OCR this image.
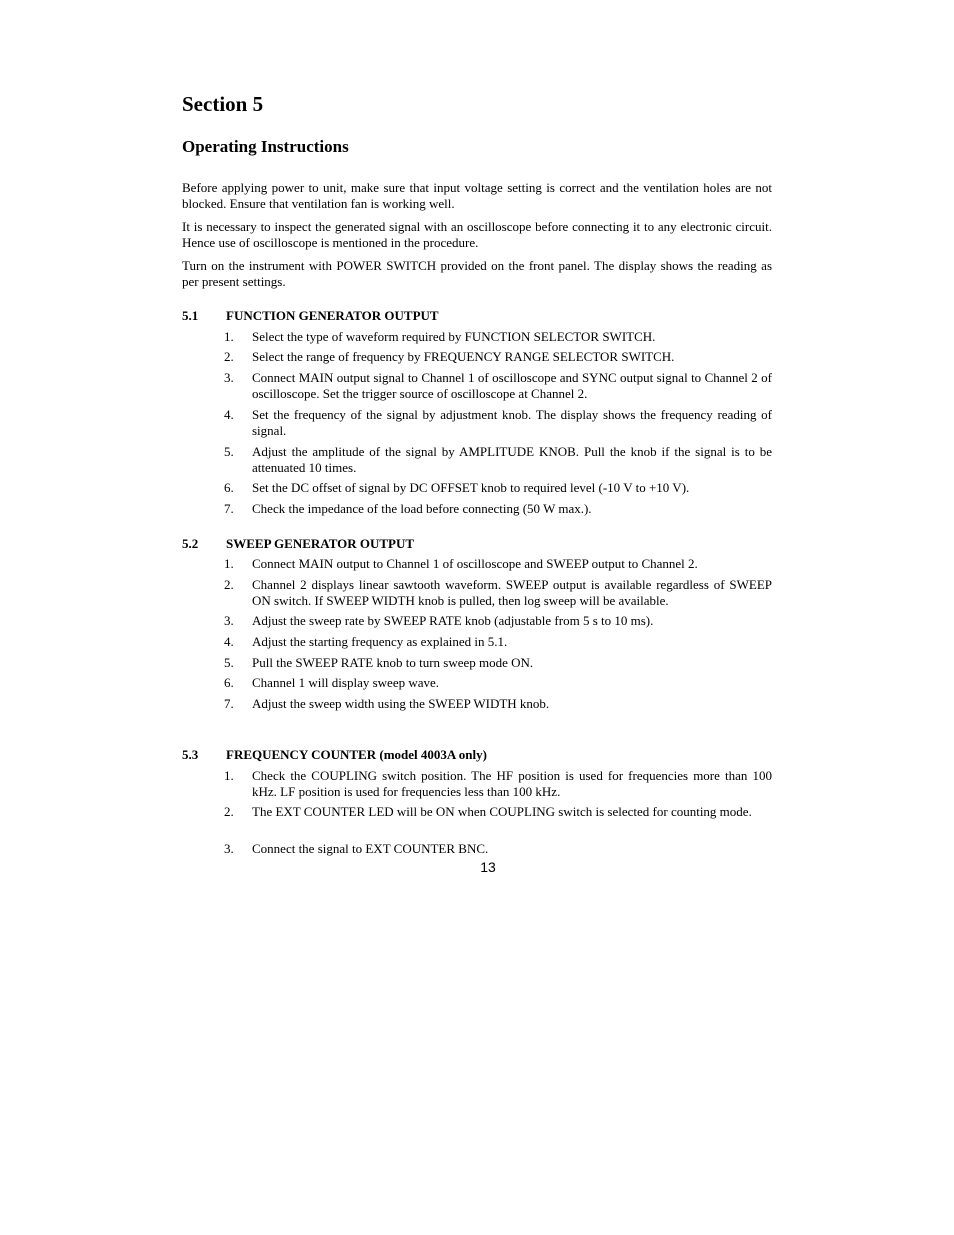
Section 5
Operating Instructions

Before applying power to unit, make sure that input voltage setting is correct and the ventilation holes are not blocked. Ensure that ventilation fan is working well.

It is necessary to inspect the generated signal with an oscilloscope before connecting it to any electronic circuit. Hence use of oscilloscope is mentioned in the procedure.

Turn on the instrument with POWER SWITCH provided on the front panel. The display shows the reading as per present settings.

5.1 FUNCTION GENERATOR OUTPUT
1.	Select the type of waveform required by FUNCTION SELECTOR SWITCH.
2.	Select the range of frequency by FREQUENCY RANGE SELECTOR SWITCH.
3.	Connect MAIN output signal to Channel 1 of oscilloscope and SYNC output signal to Channel 2 of oscilloscope. Set the trigger source of oscilloscope at Channel 2.
4.	Set the frequency of the signal by adjustment knob. The display shows the frequency reading of signal.
5.	Adjust the amplitude of the signal by AMPLITUDE KNOB. Pull the knob if the signal is to be attenuated 10 times.
6.	Set the DC offset of signal by DC OFFSET knob to required level (-10 V to +10 V).
7.	Check the impedance of the load before connecting (50 W max.).
5.2 SWEEP GENERATOR OUTPUT
1.	Connect MAIN output to Channel 1 of oscilloscope and SWEEP output to Channel 2.
2.	Channel 2 displays linear sawtooth waveform. SWEEP output is available regardless of SWEEP ON switch. If SWEEP WIDTH knob is pulled, then log sweep will be available.
3.	Adjust the sweep rate by SWEEP RATE knob (adjustable from 5 s to 10 ms).
4.	Adjust the starting frequency as explained in 5.1.
5.	Pull the SWEEP RATE knob to turn sweep mode ON.
6.	Channel 1 will display sweep wave.
7.	Adjust the sweep width using the SWEEP WIDTH knob.
5.3 FREQUENCY COUNTER (model 4003A only)
1.	Check the COUPLING switch position. The HF position is used for frequencies more than 100 kHz. LF position is used for frequencies less than 100 kHz.
2.	The EXT COUNTER LED will be ON when COUPLING switch is selected for counting mode.
3.	Connect the signal to EXT COUNTER BNC.
13
